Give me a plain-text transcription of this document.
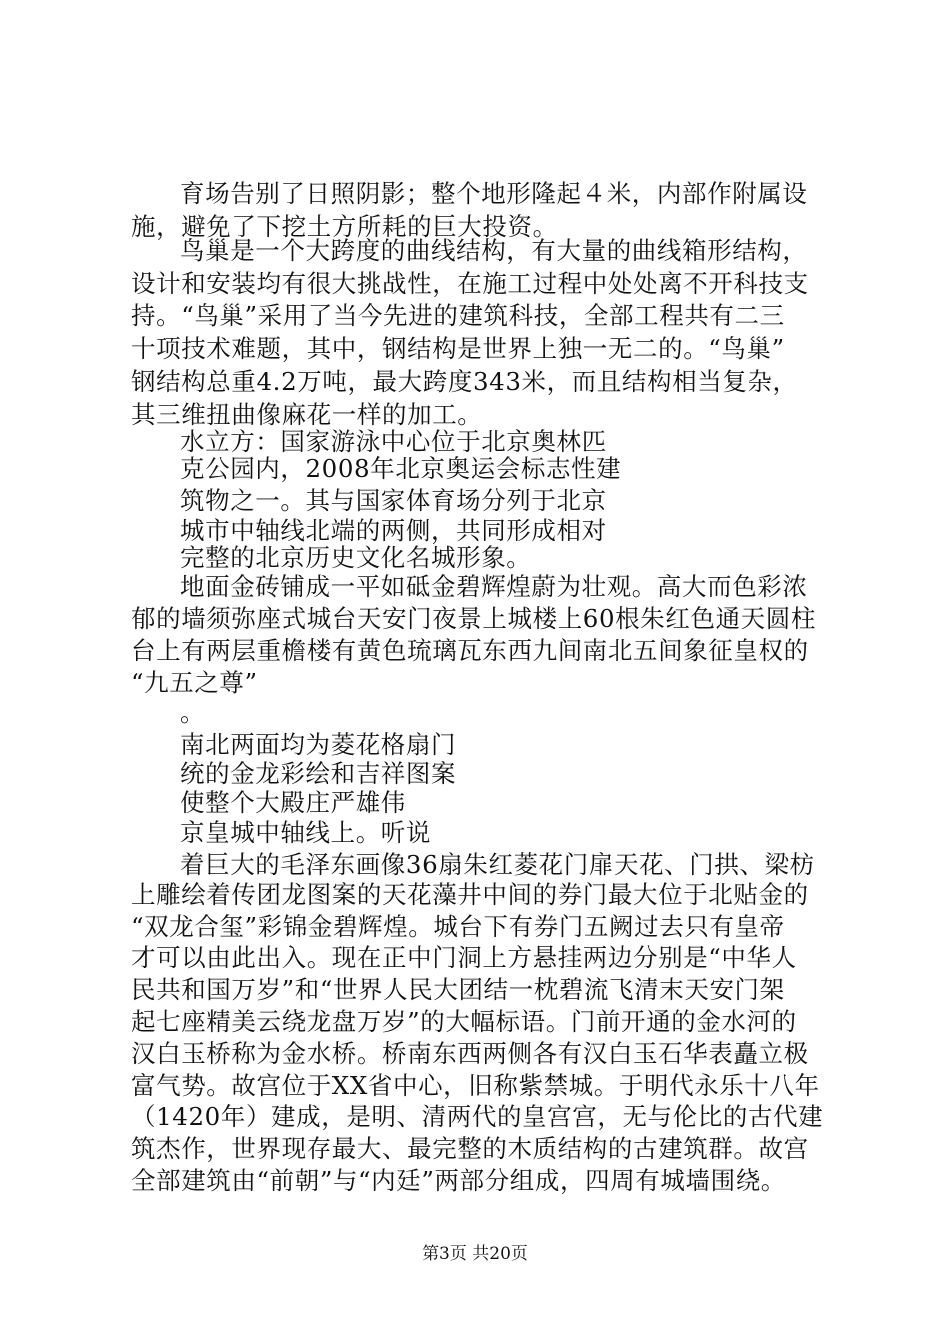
育场告别了日照阴影；整个地形隆起４米，内部作附属设
施，避免了下挖土方所耗的巨大投资。
鸟巢是一个大跨度的曲线结构，有大量的曲线箱形结构，
设计和安装均有很大挑战性，在施工过程中处处离不开科技支
持。“鸟巢”采用了当今先进的建筑科技，全部工程共有二三
十项技术难题，其中，钢结构是世界上独一无二的。“鸟巢”
钢结构总重4.2万吨，最大跨度343米，而且结构相当复杂，
其三维扭曲像麻花一样的加工。
水立方：国家游泳中心位于北京奥林匹
克公园内，2008年北京奥运会标志性建
筑物之一。其与国家体育场分列于北京
城市中轴线北端的两侧，共同形成相对
完整的北京历史文化名城形象。
地面金砖铺成一平如砥金碧辉煌蔚为壮观。高大而色彩浓
郁的墙须弥座式城台天安门夜景上城楼上60根朱红色通天圆柱
台上有两层重檐楼有黄色琉璃瓦东西九间南北五间象征皇权的
“九五之尊”
。
南北两面均为菱花格扇门
统的金龙彩绘和吉祥图案
使整个大殿庄严雄伟
京皇城中轴线上。听说
着巨大的毛泽东画像36扇朱红菱花门扉天花、门拱、梁枋
上雕绘着传团龙图案的天花藻井中间的券门最大位于北贴金的
“双龙合玺”彩锦金碧辉煌。城台下有券门五阙过去只有皇帝
才可以由此出入。现在正中门洞上方悬挂两边分别是“中华人
民共和国万岁”和“世界人民大团结一枕碧流飞清末天安门架
起七座精美云绕龙盘万岁”的大幅标语。门前开通的金水河的
汉白玉桥称为金水桥。桥南东西两侧各有汉白玉石华表矗立极
富气势。故宫位于XX省中心，旧称紫禁城。于明代永乐十八年
（1420年）建成，是明、清两代的皇宫宫，无与伦比的古代建
筑杰作，世界现存最大、最完整的木质结构的古建筑群。故宫
全部建筑由“前朝”与“内廷”两部分组成，四周有城墙围绕。
第3页 共20页
